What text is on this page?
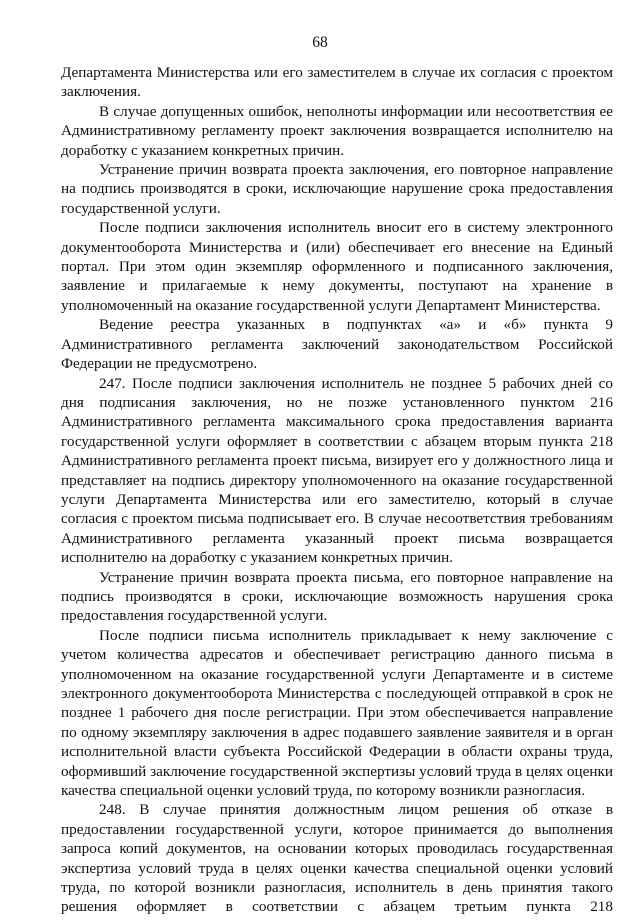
68

Департамента Министерства или его заместителем в случае их согласия с проектом заключения.

В случае допущенных ошибок, неполноты информации или несоответствия ее Административному регламенту проект заключения возвращается исполнителю на доработку с указанием конкретных причин.

Устранение причин возврата проекта заключения, его повторное направление на подпись производятся в сроки, исключающие нарушение срока предоставления государственной услуги.

После подписи заключения исполнитель вносит его в систему электронного документооборота Министерства и (или) обеспечивает его внесение на Единый портал. При этом один экземпляр оформленного и подписанного заключения, заявление и прилагаемые к нему документы, поступают на хранение в уполномоченный на оказание государственной услуги Департамент Министерства.

Ведение реестра указанных в подпунктах «а» и «б» пункта 9 Административного регламента заключений законодательством Российской Федерации не предусмотрено.

247. После подписи заключения исполнитель не позднее 5 рабочих дней со дня подписания заключения, но не позже установленного пунктом 216 Административного регламента максимального срока предоставления варианта государственной услуги оформляет в соответствии с абзацем вторым пункта 218 Административного регламента проект письма, визирует его у должностного лица и представляет на подпись директору уполномоченного на оказание государственной услуги Департамента Министерства или его заместителю, который в случае согласия с проектом письма подписывает его. В случае несоответствия требованиям Административного регламента указанный проект письма возвращается исполнителю на доработку с указанием конкретных причин.

Устранение причин возврата проекта письма, его повторное направление на подпись производятся в сроки, исключающие возможность нарушения срока предоставления государственной услуги.

После подписи письма исполнитель прикладывает к нему заключение с учетом количества адресатов и обеспечивает регистрацию данного письма в уполномоченном на оказание государственной услуги Департаменте и в системе электронного документооборота Министерства с последующей отправкой в срок не позднее 1 рабочего дня после регистрации. При этом обеспечивается направление по одному экземпляру заключения в адрес подавшего заявление заявителя и в орган исполнительной власти субъекта Российской Федерации в области охраны труда, оформивший заключение государственной экспертизы условий труда в целях оценки качества специальной оценки условий труда, по которому возникли разногласия.

248. В случае принятия должностным лицом решения об отказе в предоставлении государственной услуги, которое принимается до выполнения запроса копий документов, на основании которых проводилась государственная экспертиза условий труда в целях оценки качества специальной оценки условий труда, по которой возникли разногласия, исполнитель в день принятия такого решения оформляет в соответствии с абзацем третьим пункта 218
